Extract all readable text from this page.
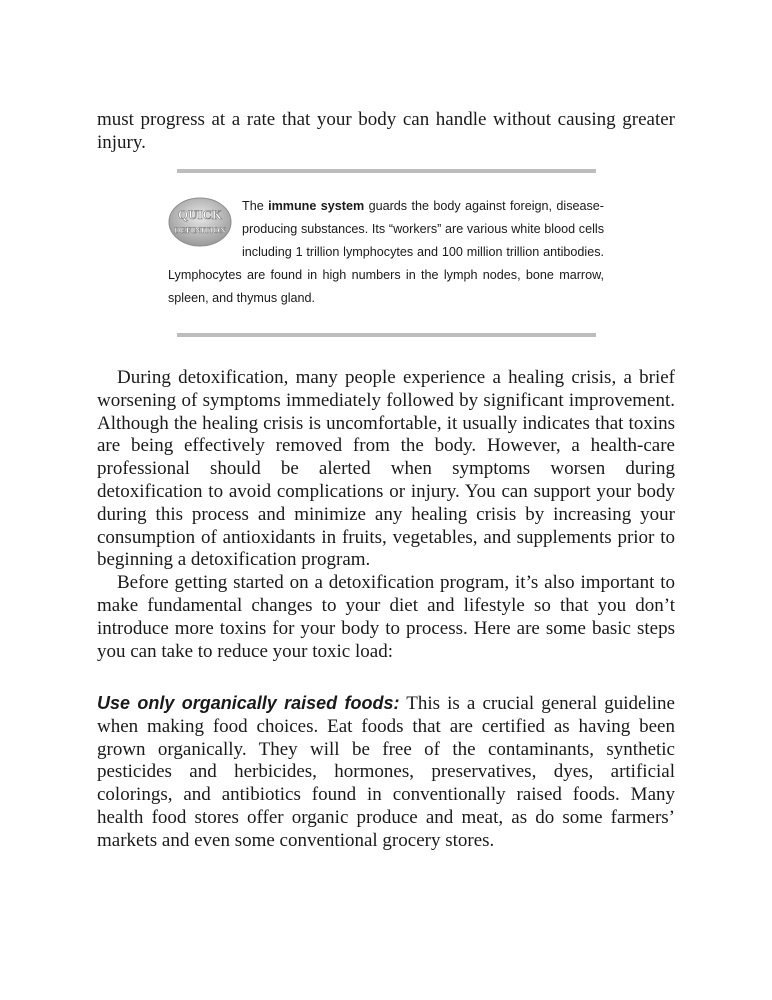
must progress at a rate that your body can handle without causing greater injury.

QUICK
DEFINITION
The immune system guards the body against foreign, disease-producing substances. Its “workers” are various white blood cells including 1 trillion lymphocytes and 100 million trillion antibodies. Lymphocytes are found in high numbers in the lymph nodes, bone marrow, spleen, and thymus gland.

During detoxification, many people experience a healing crisis, a brief worsening of symptoms immediately followed by significant improvement. Although the healing crisis is uncomfortable, it usually indicates that toxins are being effectively removed from the body. However, a health-care professional should be alerted when symptoms worsen during detoxification to avoid complications or injury. You can support your body during this process and minimize any healing crisis by increasing your consumption of antioxidants in fruits, vegetables, and supplements prior to beginning a detoxification program.

Before getting started on a detoxification program, it’s also important to make fundamental changes to your diet and lifestyle so that you don’t introduce more toxins for your body to process. Here are some basic steps you can take to reduce your toxic load:

Use only organically raised foods: This is a crucial general guideline when making food choices. Eat foods that are certified as having been grown organically. They will be free of the contaminants, synthetic pesticides and herbicides, hormones, preservatives, dyes, artificial colorings, and antibiotics found in conventionally raised foods. Many health food stores offer organic produce and meat, as do some farmers’ markets and even some conventional grocery stores.
